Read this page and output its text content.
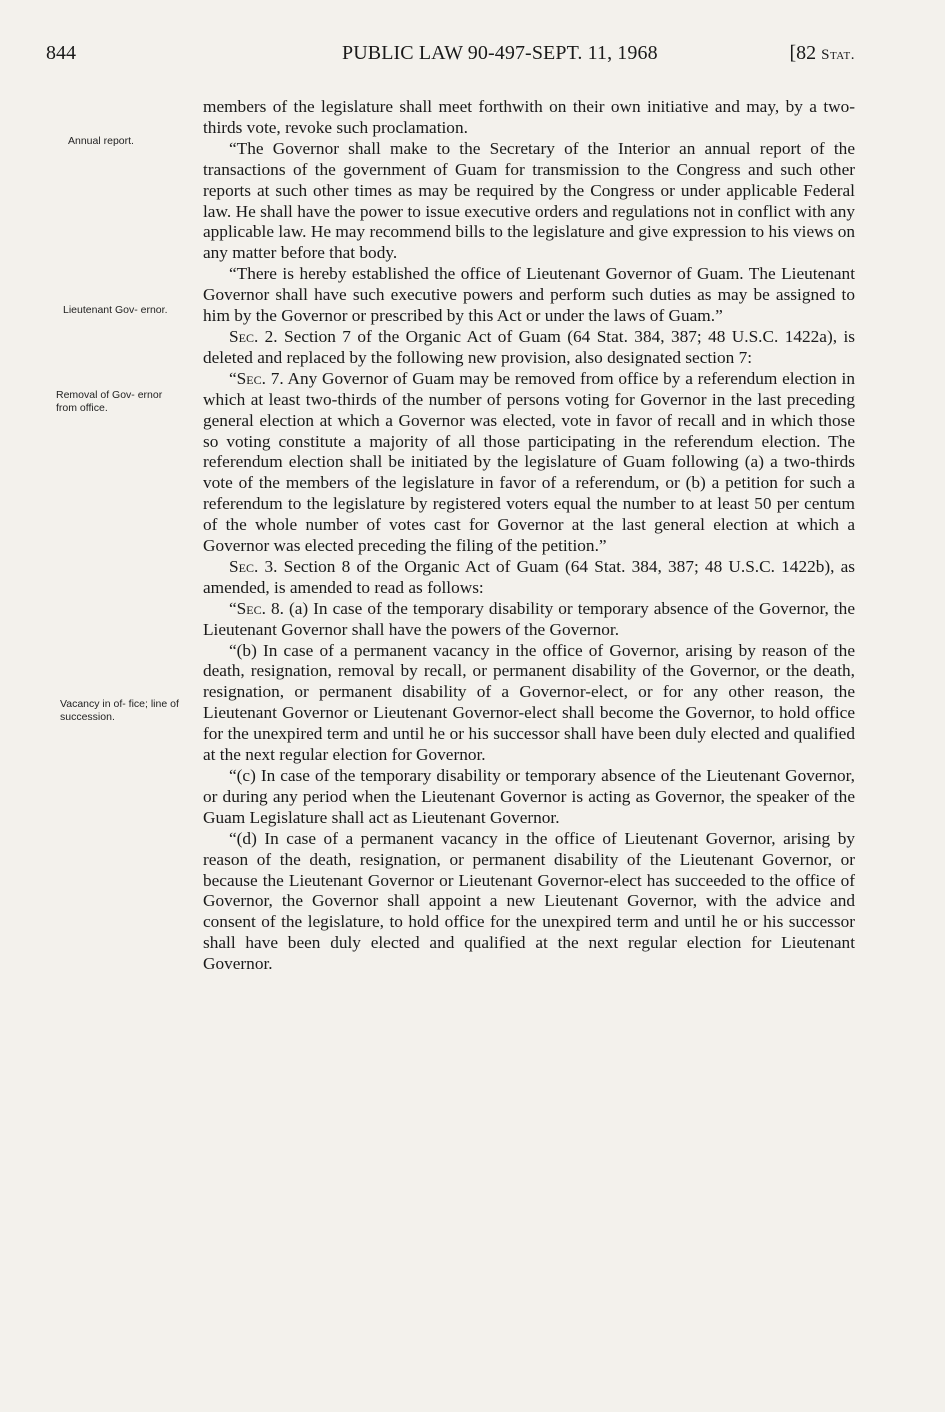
844	PUBLIC LAW 90-497-SEPT. 11, 1968	[82 Stat.
Annual report.
Lieutenant Gov- ernor.
Removal of Gov- ernor from office.
Vacancy in of- fice; line of succession.

members of the legislature shall meet forthwith on their own initiative and may, by a two-thirds vote, revoke such proclamation.

“The Governor shall make to the Secretary of the Interior an annual report of the transactions of the government of Guam for transmission to the Congress and such other reports at such other times as may be required by the Congress or under applicable Federal law. He shall have the power to issue executive orders and regulations not in conflict with any applicable law. He may recommend bills to the legislature and give expression to his views on any matter before that body.

“There is hereby established the office of Lieutenant Governor of Guam. The Lieutenant Governor shall have such executive powers and perform such duties as may be assigned to him by the Governor or prescribed by this Act or under the laws of Guam.”

Sec. 2. Section 7 of the Organic Act of Guam (64 Stat. 384, 387; 48 U.S.C. 1422a), is deleted and replaced by the following new provision, also designated section 7:

“Sec. 7. Any Governor of Guam may be removed from office by a referendum election in which at least two-thirds of the number of persons voting for Governor in the last preceding general election at which a Governor was elected, vote in favor of recall and in which those so voting constitute a majority of all those participating in the referendum election. The referendum election shall be initiated by the legislature of Guam following (a) a two-thirds vote of the members of the legislature in favor of a referendum, or (b) a petition for such a referendum to the legislature by registered voters equal the number to at least 50 per centum of the whole number of votes cast for Governor at the last general election at which a Governor was elected preceding the filing of the petition.”

Sec. 3. Section 8 of the Organic Act of Guam (64 Stat. 384, 387; 48 U.S.C. 1422b), as amended, is amended to read as follows:

“Sec. 8. (a) In case of the temporary disability or temporary absence of the Governor, the Lieutenant Governor shall have the powers of the Governor.

“(b) In case of a permanent vacancy in the office of Governor, arising by reason of the death, resignation, removal by recall, or permanent disability of the Governor, or the death, resignation, or permanent disability of a Governor-elect, or for any other reason, the Lieutenant Governor or Lieutenant Governor-elect shall become the Governor, to hold office for the unexpired term and until he or his successor shall have been duly elected and qualified at the next regular election for Governor.

“(c) In case of the temporary disability or temporary absence of the Lieutenant Governor, or during any period when the Lieutenant Governor is acting as Governor, the speaker of the Guam Legislature shall act as Lieutenant Governor.

“(d) In case of a permanent vacancy in the office of Lieutenant Governor, arising by reason of the death, resignation, or permanent disability of the Lieutenant Governor, or because the Lieutenant Governor or Lieutenant Governor-elect has succeeded to the office of Governor, the Governor shall appoint a new Lieutenant Governor, with the advice and consent of the legislature, to hold office for the unexpired term and until he or his successor shall have been duly elected and qualified at the next regular election for Lieutenant Governor.
